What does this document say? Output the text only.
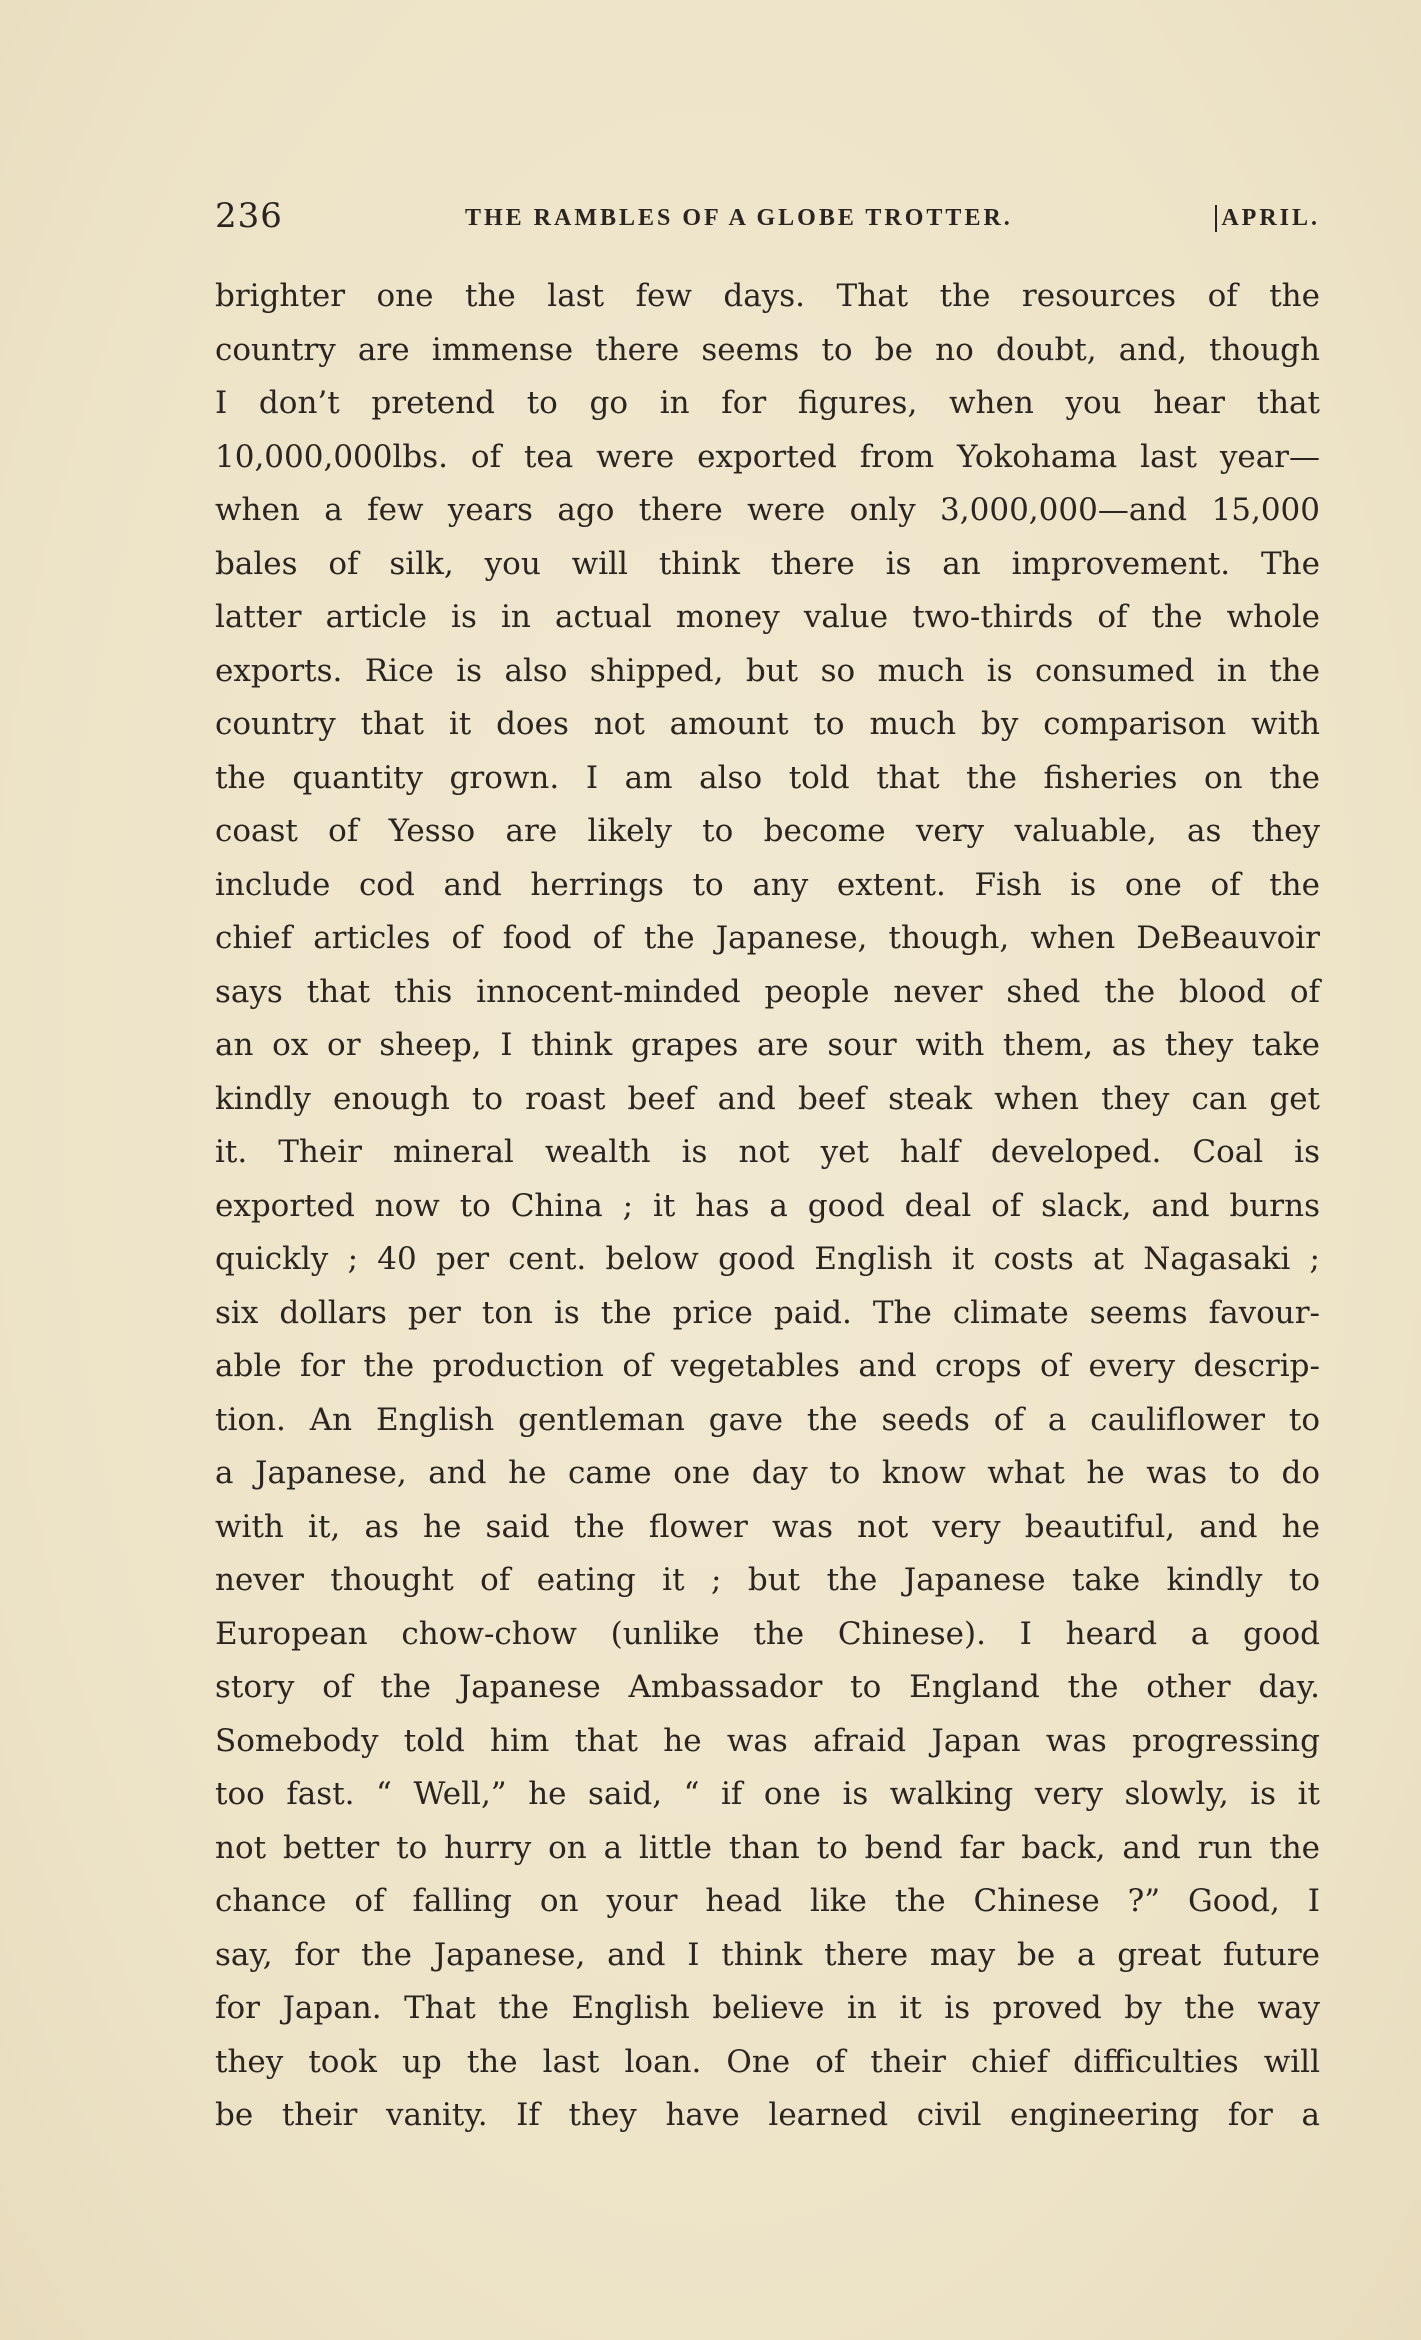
236	THE RAMBLES OF A GLOBE TROTTER.	APRIL.
brighter one the last few days. That the resources of the
country are immense there seems to be no doubt, and, though
I don’t pretend to go in for figures, when you hear that
10,000,000lbs. of tea were exported from Yokohama last year—
when a few years ago there were only 3,000,000—and 15,000
bales of silk, you will think there is an improvement. The
latter article is in actual money value two-thirds of the whole
exports. Rice is also shipped, but so much is consumed in the
country that it does not amount to much by comparison with
the quantity grown. I am also told that the fisheries on the
coast of Yesso are likely to become very valuable, as they
include cod and herrings to any extent. Fish is one of the
chief articles of food of the Japanese, though, when DeBeauvoir
says that this innocent-minded people never shed the blood of
an ox or sheep, I think grapes are sour with them, as they take
kindly enough to roast beef and beef steak when they can get
it. Their mineral wealth is not yet half developed. Coal is
exported now to China ; it has a good deal of slack, and burns
quickly ; 40 per cent. below good English it costs at Nagasaki ;
six dollars per ton is the price paid. The climate seems favour-
able for the production of vegetables and crops of every descrip-
tion. An English gentleman gave the seeds of a cauliflower to
a Japanese, and he came one day to know what he was to do
with it, as he said the flower was not very beautiful, and he
never thought of eating it ; but the Japanese take kindly to
European chow-chow (unlike the Chinese). I heard a good
story of the Japanese Ambassador to England the other day.
Somebody told him that he was afraid Japan was progressing
too fast. “ Well,” he said, “ if one is walking very slowly, is it
not better to hurry on a little than to bend far back, and run the
chance of falling on your head like the Chinese ?” Good, I
say, for the Japanese, and I think there may be a great future
for Japan. That the English believe in it is proved by the way
they took up the last loan. One of their chief difficulties will
be their vanity. If they have learned civil engineering for a
